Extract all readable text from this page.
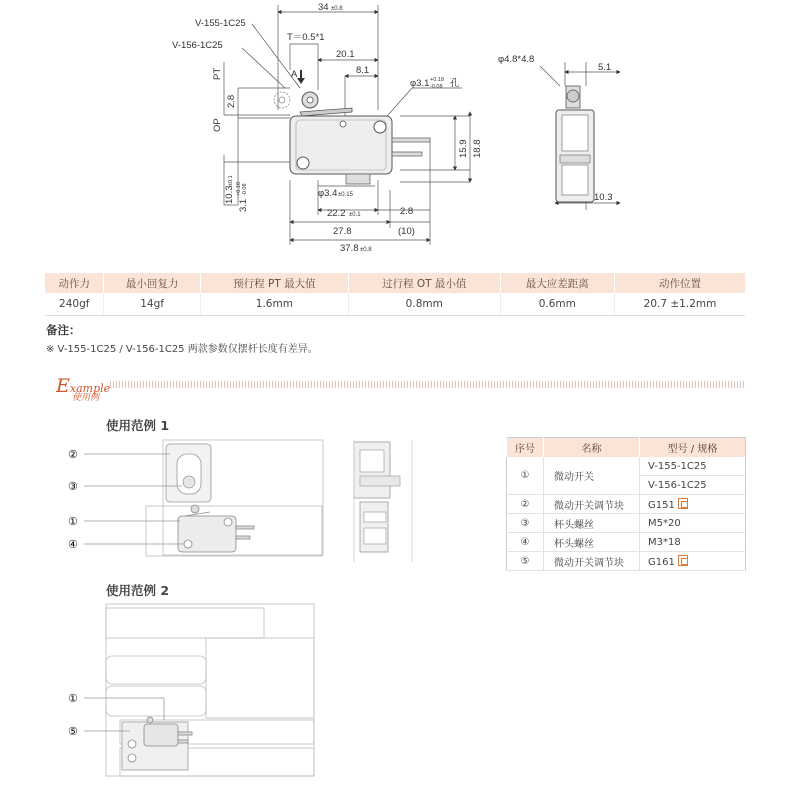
V-155-1C25
V-156-1C25
34 ±0.8
T＝0.5*1
20.1
8.1
φ3.1 +0.18
-0.08 孔
A
PT
2.8
OP
15.9 18.8
10.3
±0.1
3.1
+0.18 -0.08	φ3.4 ±0.15
22.2 ±0.1	2.8
27.8	(10)
37.8 ±0.8
φ4.8*4.8
5.1
10.3
动作力	最小回复力	预行程 PT 最大值	过行程 OT 最小值	最大应差距离	动作位置
240gf	14gf	1.6mm	0.8mm	0.6mm	20.7 ±1.2mm
备注：
※ V-155-1C25 / V-156-1C25 两款参数仅摆杆长度有差异。
Example
使用例
使用范例 1
②
③
①
④
序号	名称	型号 / 规格
①	微动开关	V-155-1C25
		V-156-1C25
②	微动开关调节块	G151
③	杯头螺丝	M5*20
④	杯头螺丝	M3*18
⑤	微动开关调节块	G161
使用范例 2
①
⑤
